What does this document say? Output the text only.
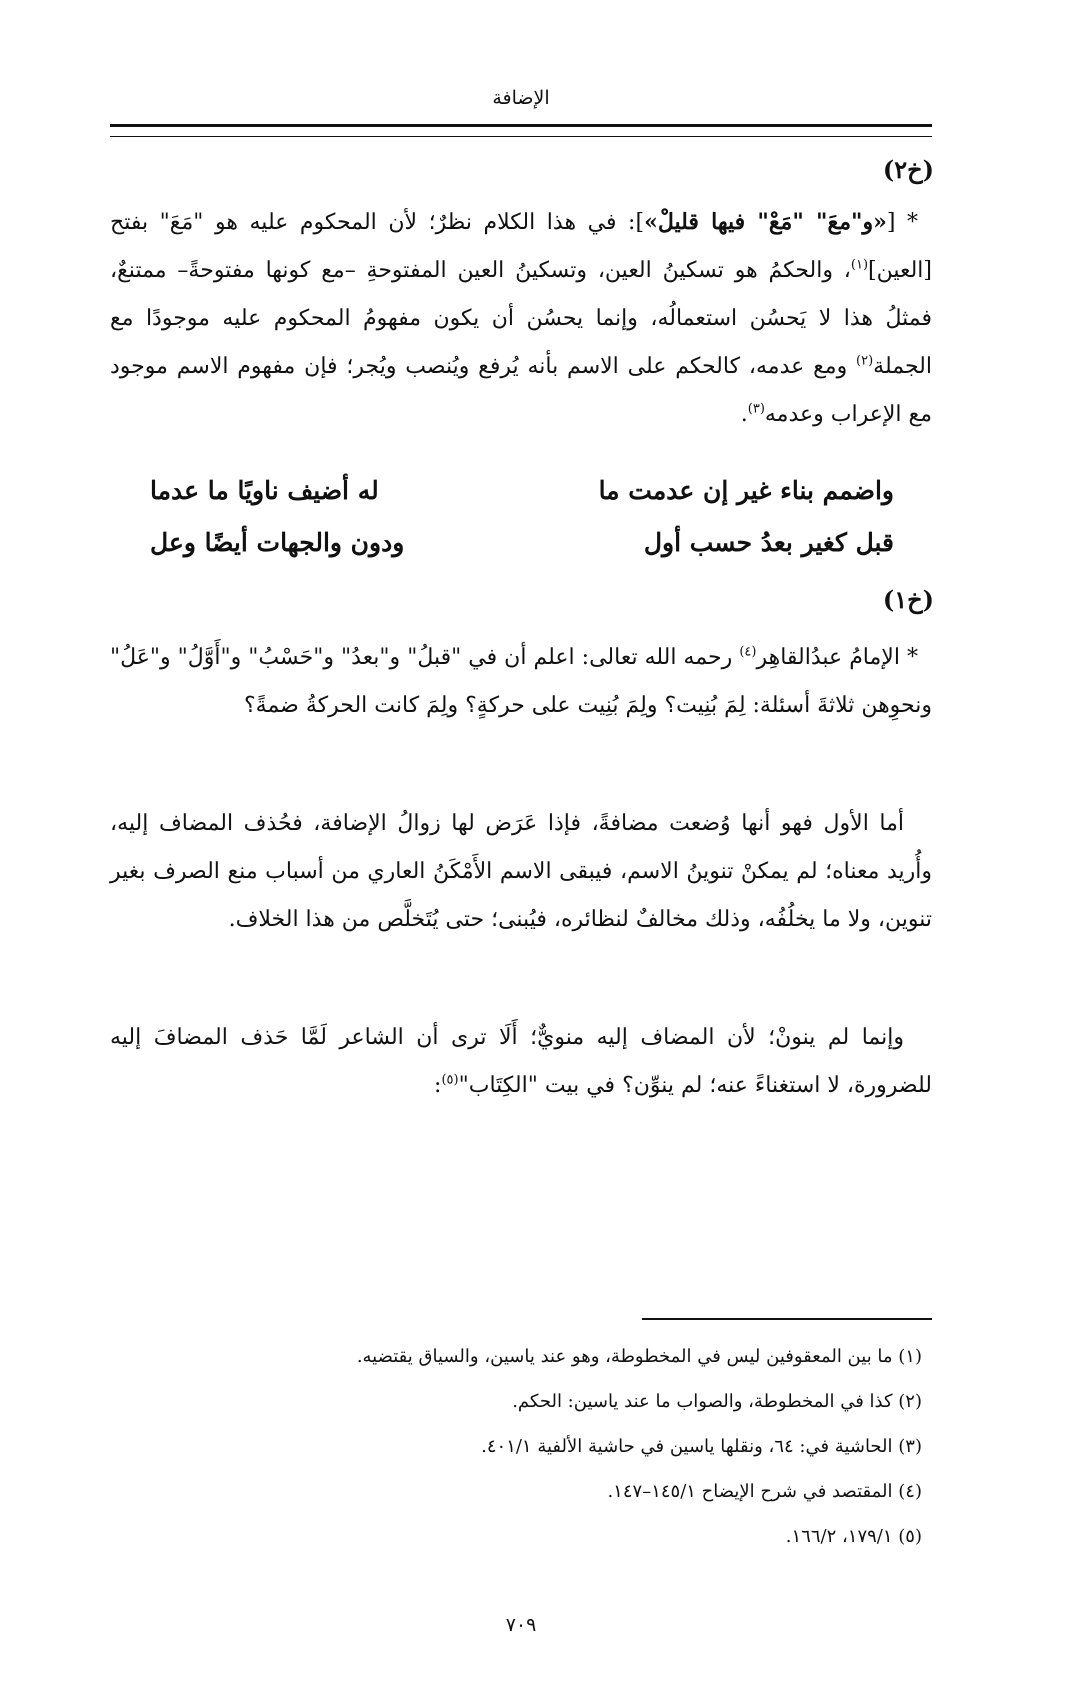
الإضافة
(خ٢)

* [«و"معَ" "مَعْ" فيها قليلْ»]: في هذا الكلام نظرٌ؛ لأن المحكوم عليه هو "مَعَ" بفتح [العين]$^{(١)}$، والحكمُ هو تسكينُ العين، وتسكينُ العين المفتوحةِ –مع كونها مفتوحةً– ممتنعٌ، فمثلُ هذا لا يَحسُن استعمالُه، وإنما يحسُن أن يكون مفهومُ المحكوم عليه موجودًا مع الجملة$^{(٢)}$ ومع عدمه، كالحكم على الاسم بأنه يُرفع ويُنصب ويُجر؛ فإن مفهوم الاسم موجود مع الإعراب وعدمه$^{(٣)}$.

واضمم بناء غير إن عدمت ما
له أضيف ناويًا ما عدما
قبل كغير بعدُ حسب أول
ودون والجهات أيضًا وعل
(خ١)

* الإمامُ عبدُالقاهِر$^{(٤)}$ رحمه الله تعالى: اعلم أن في "قبلُ" و"بعدُ" و"حَسْبُ" و"أَوَّلُ" و"عَلُ" ونحوِهن ثلاثةَ أسئلة: لِمَ بُنِيت؟ ولِمَ بُنِيت على حركةٍ؟ ولِمَ كانت الحركةُ ضمةً؟

أما الأول فهو أنها وُضعت مضافةً، فإذا عَرَض لها زوالُ الإضافة، فحُذف المضاف إليه، وأُريد معناه؛ لم يمكنْ تنوينُ الاسم، فيبقى الاسم الأَمْكَنُ العاري من أسباب منع الصرف بغير تنوين، ولا ما يخلُفُه، وذلك مخالفٌ لنظائره، فيُبنى؛ حتى يُتَخلَّص من هذا الخلاف.

وإنما لم ينونْ؛ لأن المضاف إليه منويٌّ؛ أَلَا ترى أن الشاعر لَمَّا حَذف المضافَ إليه للضرورة، لا استغناءً عنه؛ لم ينوِّن؟ في بيت "الكِتَاب"$^{(٥)}$:

(١) ما بين المعقوفين ليس في المخطوطة، وهو عند ياسين، والسياق يقتضيه.

(٢) كذا في المخطوطة، والصواب ما عند ياسين: الحكم.

(٣) الحاشية في: ٦٤، ونقلها ياسين في حاشية الألفية ٤٠١/١.

(٤) المقتصد في شرح الإيضاح ١٤٥/١–١٤٧.

(٥) ١٧٩/١، ١٦٦/٢.

٧٠٩
